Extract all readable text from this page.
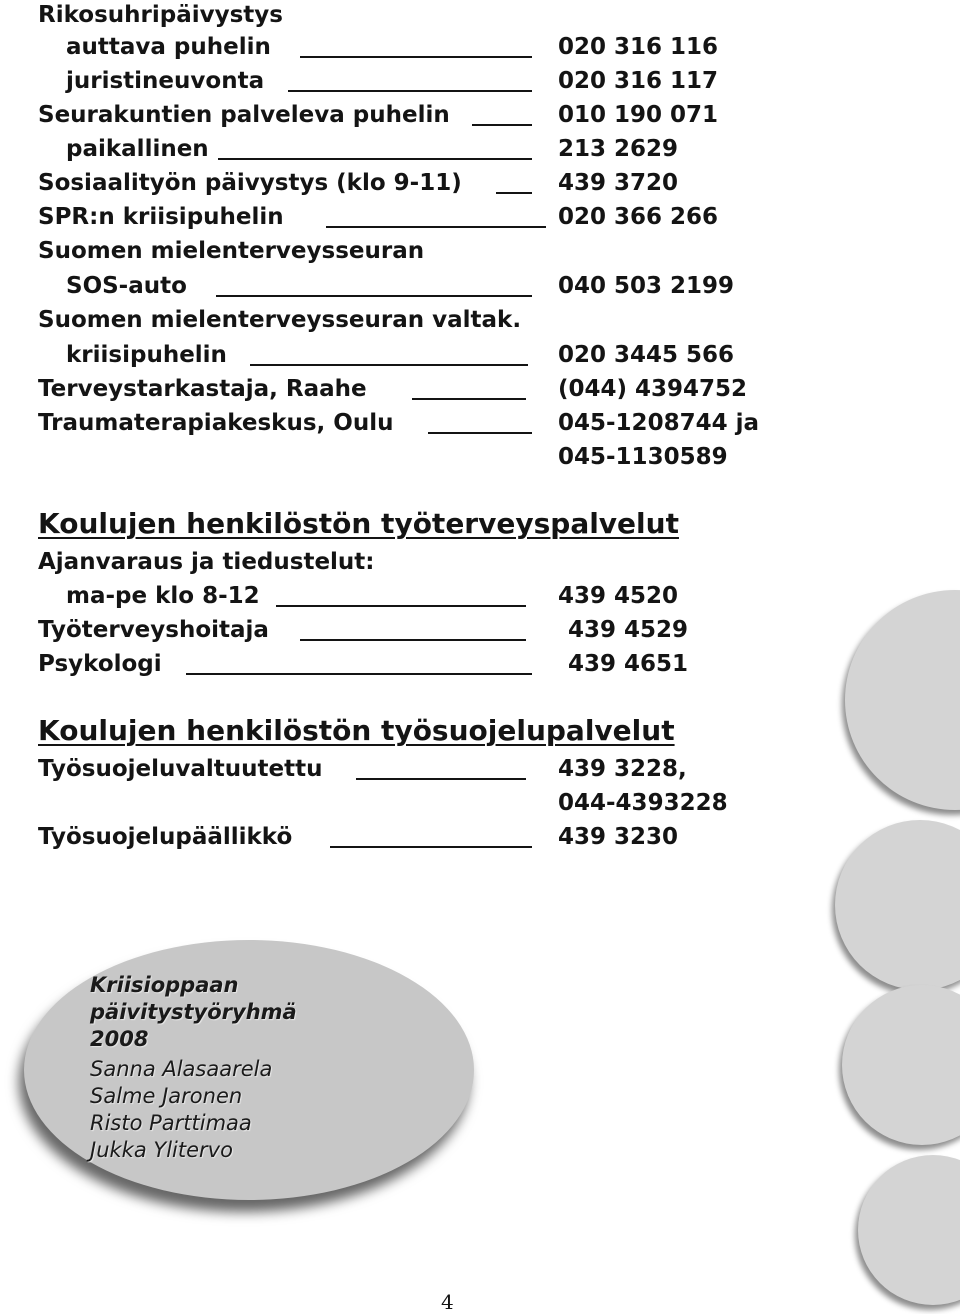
Rikosuhripäivystys
auttava puhelin	020 316 116
juristineuvonta	020 316 117
Seurakuntien palveleva puhelin	010 190 071
paikallinen	213 2629
Sosiaalityön päivystys (klo 9-11)	439 3720
SPR:n kriisipuhelin	020 366 266
Suomen mielenterveysseuran
SOS-auto	040 503 2199
Suomen mielenterveysseuran valtak.
kriisipuhelin	020 3445 566
Terveystarkastaja, Raahe	(044) 4394752
Traumaterapiakeskus, Oulu	045-1208744 ja
045-1130589
Koulujen henkilöstön työterveyspalvelut
Ajanvaraus ja tiedustelut:
ma-pe klo 8-12	439 4520
Työterveyshoitaja	439 4529
Psykologi	439 4651
Koulujen henkilöstön työsuojelupalvelut
Työsuojeluvaltuutettu	439 3228,
044-4393228
Työsuojelupäällikkö	439 3230
Kriisioppaan
päivitystyöryhmä
2008
Sanna Alasaarela
Salme Jaronen
Risto Parttimaa
Jukka Ylitervo
4
